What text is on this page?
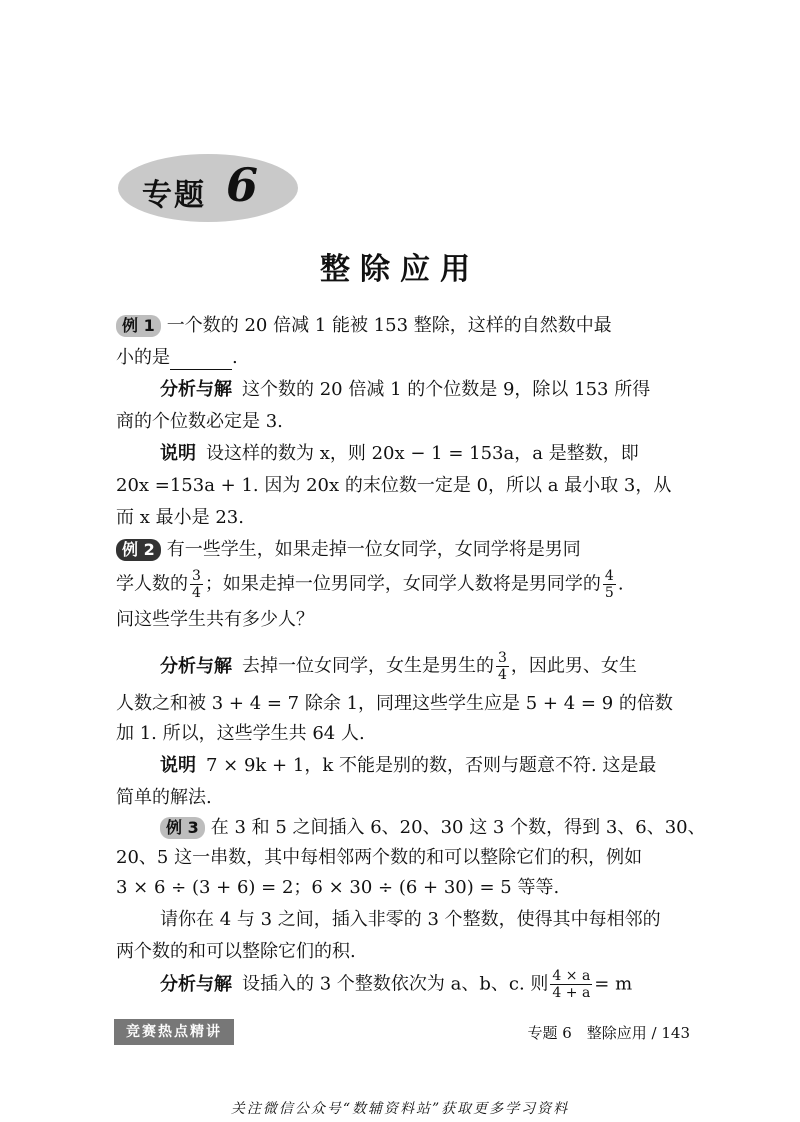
专题 6
整除应用
例 1 一个数的 20 倍减 1 能被 153 整除，这样的自然数中最
小的是	.
分析与解 这个数的 20 倍减 1 的个位数是 9，除以 153 所得
商的个位数必定是 3.
说明 设这样的数为 x，则 20x − 1 = 153a，a 是整数，即
20x =153a + 1. 因为 20x 的末位数一定是 0，所以 a 最小取 3，从
而 x 最小是 23.
例 2 有一些学生，如果走掉一位女同学，女同学将是男同
学人数的 $\frac{3}{4}$ ；如果走掉一位男同学，女同学人数将是男同学的 $\frac{4}{5}$ .
问这些学生共有多少人？
分析与解 去掉一位女同学，女生是男生的 $\frac{3}{4}$ ，因此男、女生
人数之和被 3 + 4 = 7 除余 1，同理这些学生应是 5 + 4 = 9 的倍数
加 1. 所以，这些学生共 64 人.
说明 7 × 9k + 1，k 不能是别的数，否则与题意不符. 这是最
简单的解法.
例 3 在 3 和 5 之间插入 6、20、30 这 3 个数，得到 3、6、30、
20、5 这一串数，其中每相邻两个数的和可以整除它们的积，例如
3 × 6 ÷ (3 + 6) = 2；6 × 30 ÷ (6 + 30) = 5 等等.
请你在 4 与 3 之间，插入非零的 3 个整数，使得其中每相邻的
两个数的和可以整除它们的积.
分析与解 设插入的 3 个整数依次为 a、b、c. 则 $\frac{4 \times a}{4 + a} = m$
竞赛热点精讲	专题 6　整除应用 / 143
关注微信公众号“数辅资料站”获取更多学习资料
